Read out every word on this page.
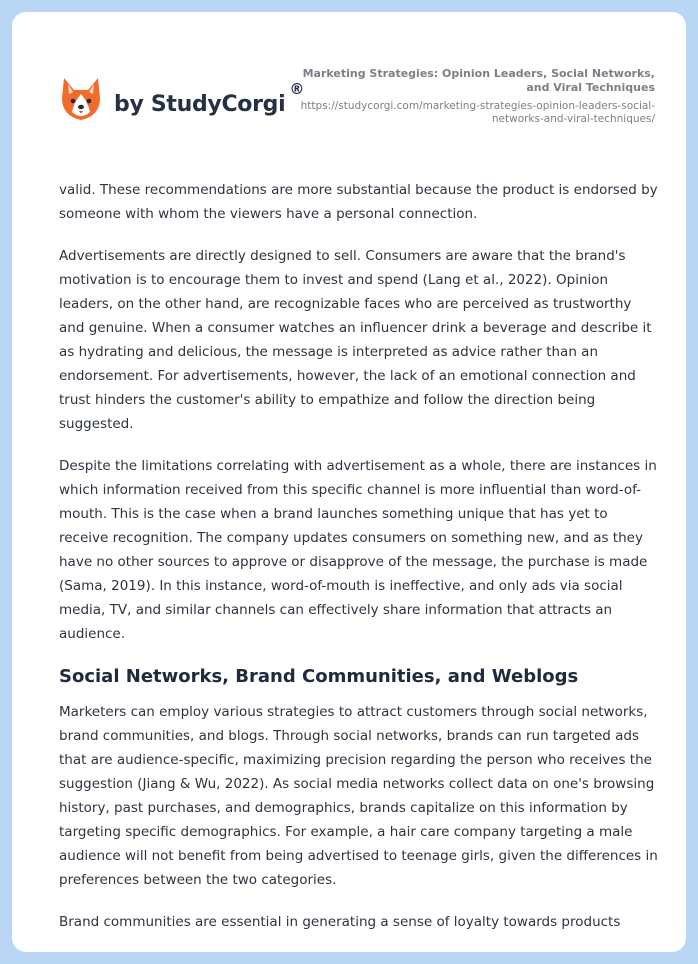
by StudyCorgi
®
Marketing Strategies: Opinion Leaders, Social Networks, and Viral Techniques
https://studycorgi.com/marketing-strategies-opinion-leaders-social-networks-and-viral-techniques/

valid. These recommendations are more substantial because the product is endorsed by someone with whom the viewers have a personal connection.

Advertisements are directly designed to sell. Consumers are aware that the brand's motivation is to encourage them to invest and spend (Lang et al., 2022). Opinion leaders, on the other hand, are recognizable faces who are perceived as trustworthy and genuine. When a consumer watches an influencer drink a beverage and describe it as hydrating and delicious, the message is interpreted as advice rather than an endorsement. For advertisements, however, the lack of an emotional connection and trust hinders the customer's ability to empathize and follow the direction being suggested.

Despite the limitations correlating with advertisement as a whole, there are instances in which information received from this specific channel is more influential than word-of-mouth. This is the case when a brand launches something unique that has yet to receive recognition. The company updates consumers on something new, and as they have no other sources to approve or disapprove of the message, the purchase is made (Sama, 2019). In this instance, word-of-mouth is ineffective, and only ads via social media, TV, and similar channels can effectively share information that attracts an audience.

Social Networks, Brand Communities, and Weblogs

Marketers can employ various strategies to attract customers through social networks, brand communities, and blogs. Through social networks, brands can run targeted ads that are audience-specific, maximizing precision regarding the person who receives the suggestion (Jiang & Wu, 2022). As social media networks collect data on one's browsing history, past purchases, and demographics, brands capitalize on this information by targeting specific demographics. For example, a hair care company targeting a male audience will not benefit from being advertised to teenage girls, given the differences in preferences between the two categories.

Brand communities are essential in generating a sense of loyalty towards products
